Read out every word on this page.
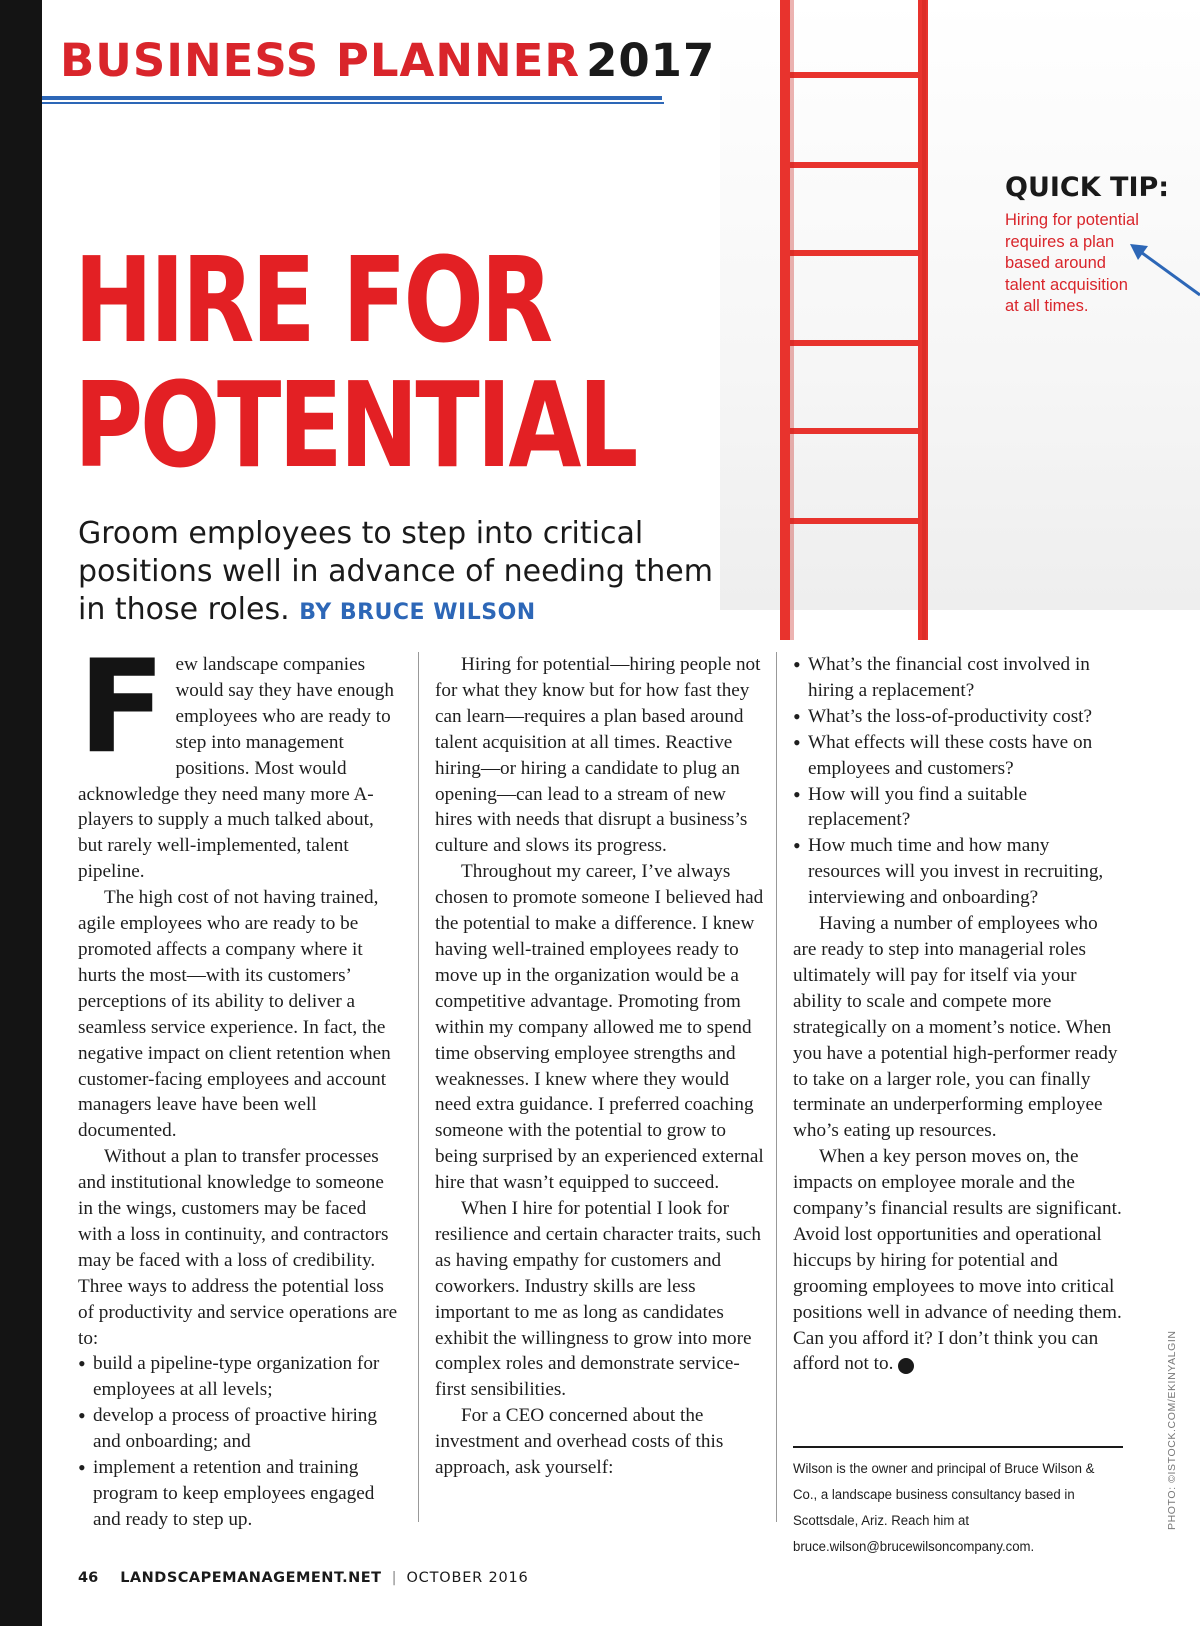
BUSINESS PLANNER 2017
QUICK TIP:
Hiring for potential requires a plan based around talent acquisition at all times.
HIRE FOR
POTENTIAL
Groom employees to step into critical positions well in advance of needing them in those roles. BY BRUCE WILSON

Few landscape companies would say they have enough employees who are ready to step into management positions. Most would acknowledge they need many more A-players to supply a much talked about, but rarely well-implemented, talent pipeline.

The high cost of not having trained, agile employees who are ready to be promoted affects a company where it hurts the most—with its customers’ perceptions of its ability to deliver a seamless service experience. In fact, the negative impact on client retention when customer-facing employees and account managers leave have been well documented.

Without a plan to transfer processes and institutional knowledge to someone in the wings, customers may be faced with a loss in continuity, and contractors may be faced with a loss of credibility. Three ways to address the potential loss of productivity and service operations are to:

• build a pipeline-type organization for employees at all levels;
• develop a process of proactive hiring and onboarding; and
• implement a retention and training program to keep employees engaged and ready to step up.

Hiring for potential—hiring people not for what they know but for how fast they can learn—requires a plan based around talent acquisition at all times. Reactive hiring—or hiring a candidate to plug an opening—can lead to a stream of new hires with needs that disrupt a business’s culture and slows its progress.

Throughout my career, I’ve always chosen to promote someone I believed had the potential to make a difference. I knew having well-trained employees ready to move up in the organization would be a competitive advantage. Promoting from within my company allowed me to spend time observing employee strengths and weaknesses. I knew where they would need extra guidance. I preferred coaching someone with the potential to grow to being surprised by an experienced external hire that wasn’t equipped to succeed.

When I hire for potential I look for resilience and certain character traits, such as having empathy for customers and coworkers. Industry skills are less important to me as long as candidates exhibit the willingness to grow into more complex roles and demonstrate service-first sensibilities.

For a CEO concerned about the investment and overhead costs of this approach, ask yourself:

• What’s the financial cost involved in hiring a replacement?
• What’s the loss-of-productivity cost?
• What effects will these costs have on employees and customers?
• How will you find a suitable replacement?
• How much time and how many resources will you invest in recruiting, interviewing and onboarding?

Having a number of employees who are ready to step into managerial roles ultimately will pay for itself via your ability to scale and compete more strategically on a moment’s notice. When you have a potential high-performer ready to take on a larger role, you can finally terminate an underperforming employee who’s eating up resources.

When a key person moves on, the impacts on employee morale and the company’s financial results are significant. Avoid lost opportunities and operational hiccups by hiring for potential and grooming employees to move into critical positions well in advance of needing them. Can you afford it? I don’t think you can afford not to.	LM

Wilson is the owner and principal of Bruce Wilson & Co., a landscape business consultancy based in Scottsdale, Ariz. Reach him at bruce.wilson@brucewilsoncompany.com.
PHOTO: ©ISTOCK.COM/EKINYALGIN
46 LANDSCAPEMANAGEMENT.NET | OCTOBER 2016
